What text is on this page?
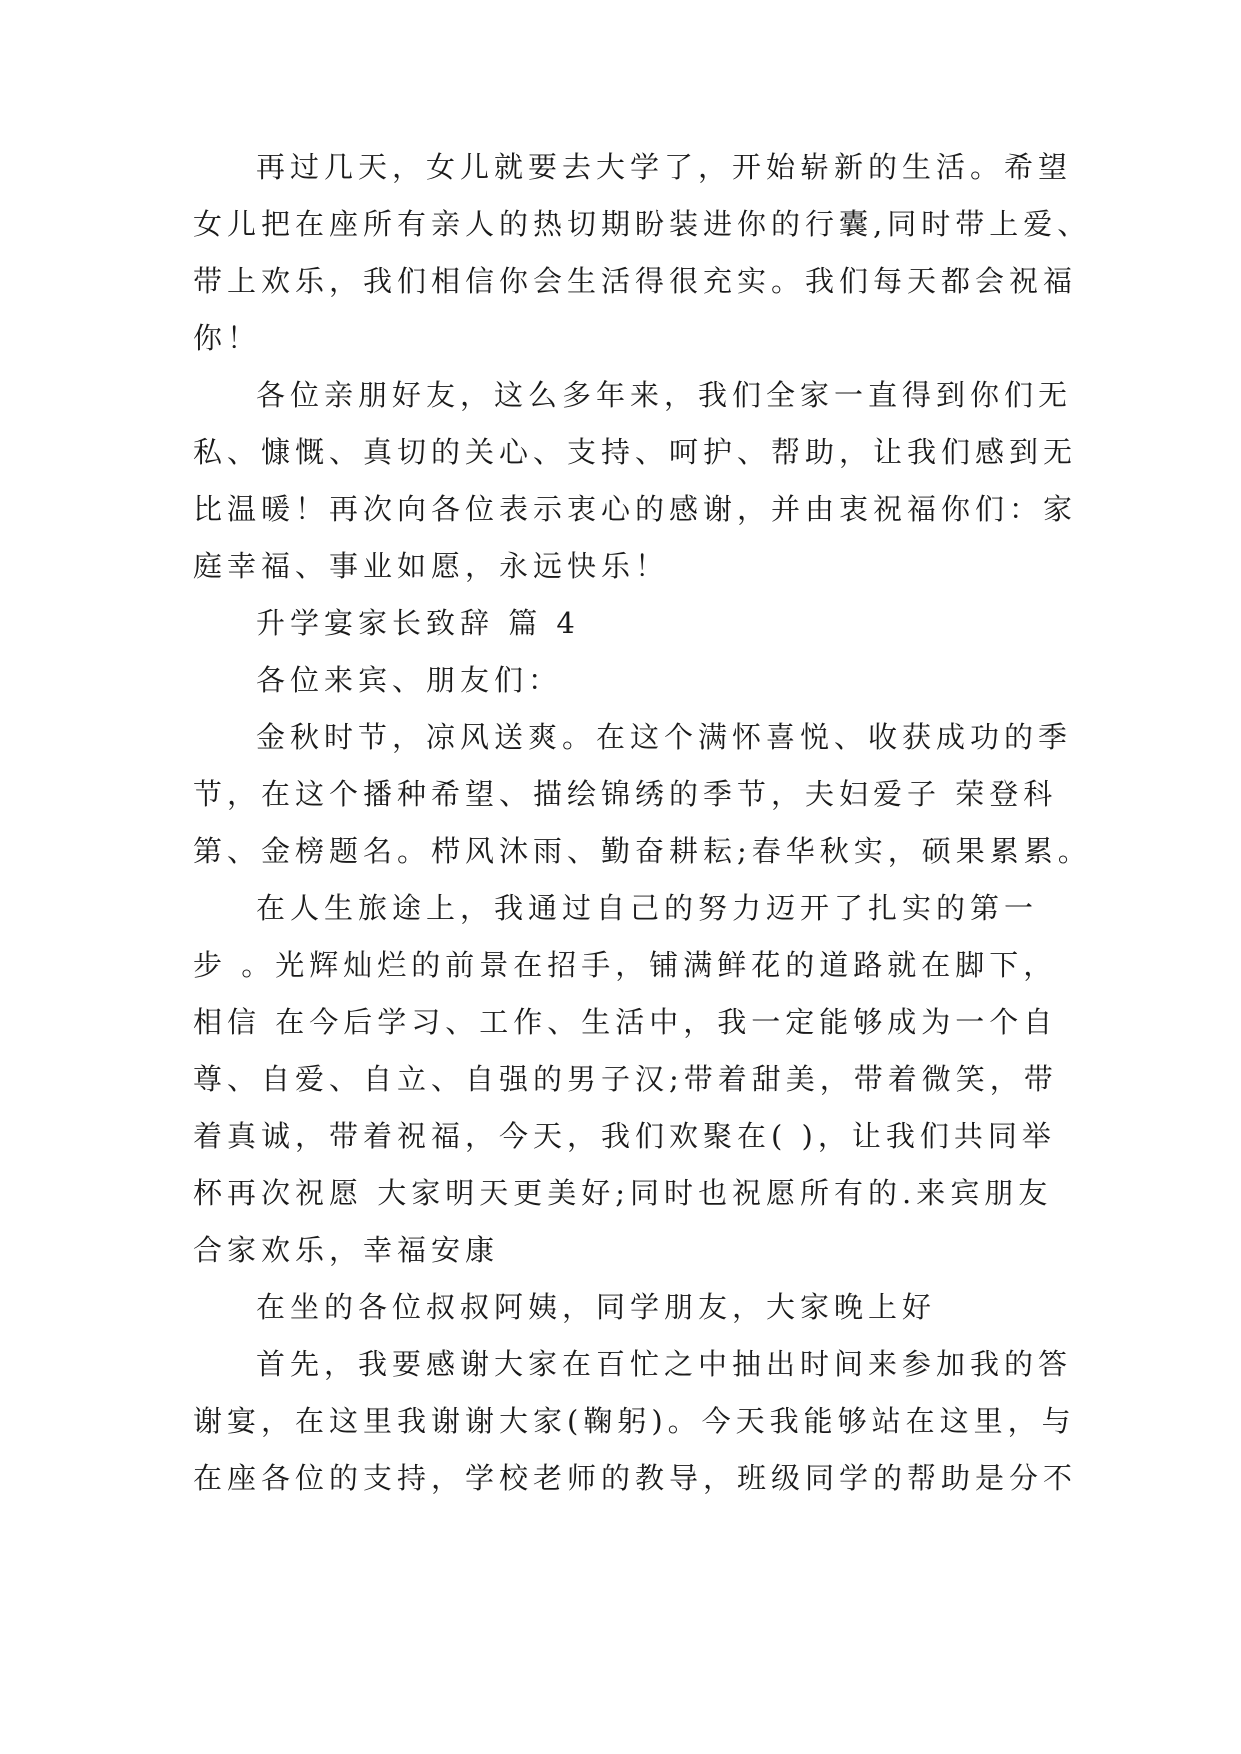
再过几天，女儿就要去大学了，开始崭新的生活。希望
女儿把在座所有亲人的热切期盼装进你的行囊,同时带上爱、
带上欢乐，我们相信你会生活得很充实。我们每天都会祝福
你！
各位亲朋好友，这么多年来，我们全家一直得到你们无
私、慷慨、真切的关心、支持、呵护、帮助，让我们感到无
比温暖！再次向各位表示衷心的感谢，并由衷祝福你们：家
庭幸福、事业如愿，永远快乐！
升学宴家长致辞 篇 4
各位来宾、朋友们：
金秋时节，凉风送爽。在这个满怀喜悦、收获成功的季
节，在这个播种希望、描绘锦绣的季节，夫妇爱子 荣登科
第、金榜题名。栉风沐雨、勤奋耕耘;春华秋实，硕果累累。
在人生旅途上，我通过自己的努力迈开了扎实的第一
步 。光辉灿烂的前景在招手，铺满鲜花的道路就在脚下，
相信 在今后学习、工作、生活中，我一定能够成为一个自
尊、自爱、自立、自强的男子汉;带着甜美，带着微笑，带
着真诚，带着祝福，今天，我们欢聚在( )，让我们共同举
杯再次祝愿 大家明天更美好;同时也祝愿所有的.来宾朋友
合家欢乐，幸福安康
在坐的各位叔叔阿姨，同学朋友，大家晚上好
首先，我要感谢大家在百忙之中抽出时间来参加我的答
谢宴，在这里我谢谢大家(鞠躬)。今天我能够站在这里，与
在座各位的支持，学校老师的教导，班级同学的帮助是分不
